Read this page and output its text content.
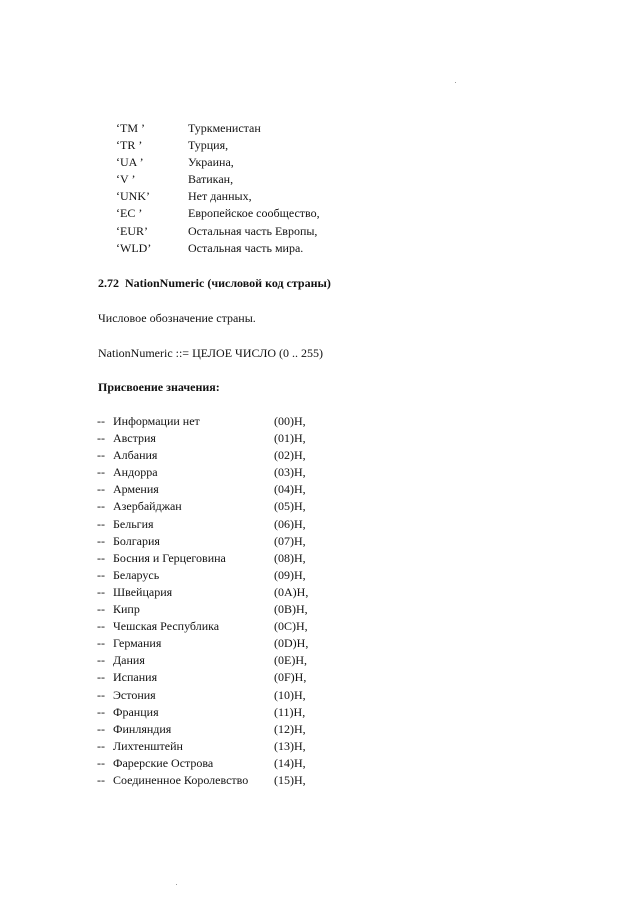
‘TM ’	Туркменистан
‘TR ’	Турция,
‘UA ’	Украина,
‘V ’	Ватикан,
‘UNK’	Нет данных,
‘EC ’	Европейское сообщество,
‘EUR’	Остальная часть Европы,
‘WLD’	Остальная часть мира.
2.72 NationNumeric (числовой код страны)
Числовое обозначение страны.
NationNumeric ::= ЦЕЛОЕ ЧИСЛО (0 .. 255)
Присвоение значения:
-- Информации нет	(00)Н,
-- Австрия	(01)Н,
-- Албания	(02)Н,
-- Андорра	(03)Н,
-- Армения	(04)Н,
-- Азербайджан	(05)Н,
-- Бельгия	(06)Н,
-- Болгария	(07)Н,
-- Босния и Герцеговина	(08)Н,
-- Беларусь	(09)Н,
-- Швейцария	(0А)Н,
-- Кипр	(0В)Н,
-- Чешская Республика	(0С)Н,
-- Германия	(0D)Н,
-- Дания	(0Е)Н,
-- Испания	(0F)Н,
-- Эстония	(10)Н,
-- Франция	(11)Н,
-- Финляндия	(12)Н,
-- Лихтенштейн	(13)Н,
-- Фарерские Острова	(14)Н,
-- Соединенное Королевство (15)Н,
